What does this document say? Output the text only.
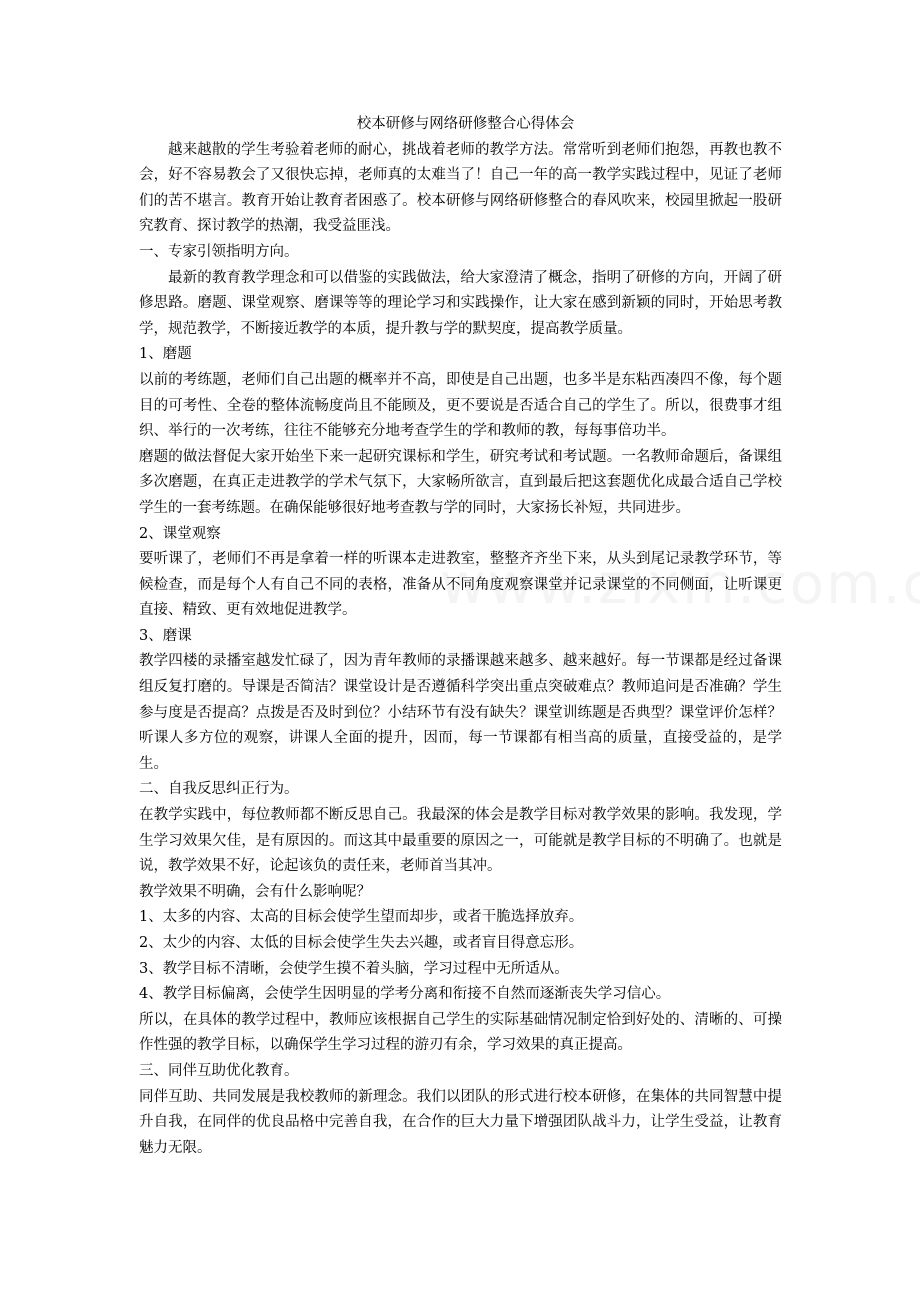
校本研修与网络研修整合心得体会

越来越散的学生考验着老师的耐心，挑战着老师的教学方法。常常听到老师们抱怨，再教也教不会，好不容易教会了又很快忘掉，老师真的太难当了！自己一年的高一教学实践过程中，见证了老师们的苦不堪言。教育开始让教育者困惑了。校本研修与网络研修整合的春风吹来，校园里掀起一股研究教育、探讨教学的热潮，我受益匪浅。

一、专家引领指明方向。

最新的教育教学理念和可以借鉴的实践做法，给大家澄清了概念，指明了研修的方向，开阔了研修思路。磨题、课堂观察、磨课等等的理论学习和实践操作，让大家在感到新颖的同时，开始思考教学，规范教学，不断接近教学的本质，提升教与学的默契度，提高教学质量。

1、磨题

以前的考练题，老师们自己出题的概率并不高，即使是自己出题，也多半是东粘西凑四不像，每个题目的可考性、全卷的整体流畅度尚且不能顾及，更不要说是否适合自己的学生了。所以，很费事才组织、举行的一次考练，往往不能够充分地考查学生的学和教师的教，每每事倍功半。

磨题的做法督促大家开始坐下来一起研究课标和学生，研究考试和考试题。一名教师命题后，备课组多次磨题，在真正走进教学的学术气氛下，大家畅所欲言，直到最后把这套题优化成最合适自己学校学生的一套考练题。在确保能够很好地考查教与学的同时，大家扬长补短，共同进步。

2、课堂观察

要听课了，老师们不再是拿着一样的听课本走进教室，整整齐齐坐下来，从头到尾记录教学环节，等候检查，而是每个人有自己不同的表格，准备从不同角度观察课堂并记录课堂的不同侧面，让听课更直接、精致、更有效地促进教学。

3、磨课

教学四楼的录播室越发忙碌了，因为青年教师的录播课越来越多、越来越好。每一节课都是经过备课组反复打磨的。导课是否简洁？课堂设计是否遵循科学突出重点突破难点？教师追问是否准确？学生参与度是否提高？点拨是否及时到位？小结环节有没有缺失？课堂训练题是否典型？课堂评价怎样？听课人多方位的观察，讲课人全面的提升，因而，每一节课都有相当高的质量，直接受益的，是学生。

二、自我反思纠正行为。

在教学实践中，每位教师都不断反思自己。我最深的体会是教学目标对教学效果的影响。我发现，学生学习效果欠佳，是有原因的。而这其中最重要的原因之一，可能就是教学目标的不明确了。也就是说，教学效果不好，论起该负的责任来，老师首当其冲。

教学效果不明确，会有什么影响呢？

1、太多的内容、太高的目标会使学生望而却步，或者干脆选择放弃。

2、太少的内容、太低的目标会使学生失去兴趣，或者盲目得意忘形。

3、教学目标不清晰，会使学生摸不着头脑，学习过程中无所适从。

4、教学目标偏离，会使学生因明显的学考分离和衔接不自然而逐渐丧失学习信心。

所以，在具体的教学过程中，教师应该根据自己学生的实际基础情况制定恰到好处的、清晰的、可操作性强的教学目标，以确保学生学习过程的游刃有余，学习效果的真正提高。

三、同伴互助优化教育。

同伴互助、共同发展是我校教师的新理念。我们以团队的形式进行校本研修，在集体的共同智慧中提升自我，在同伴的优良品格中完善自我，在合作的巨大力量下增强团队战斗力，让学生受益，让教育魅力无限。
